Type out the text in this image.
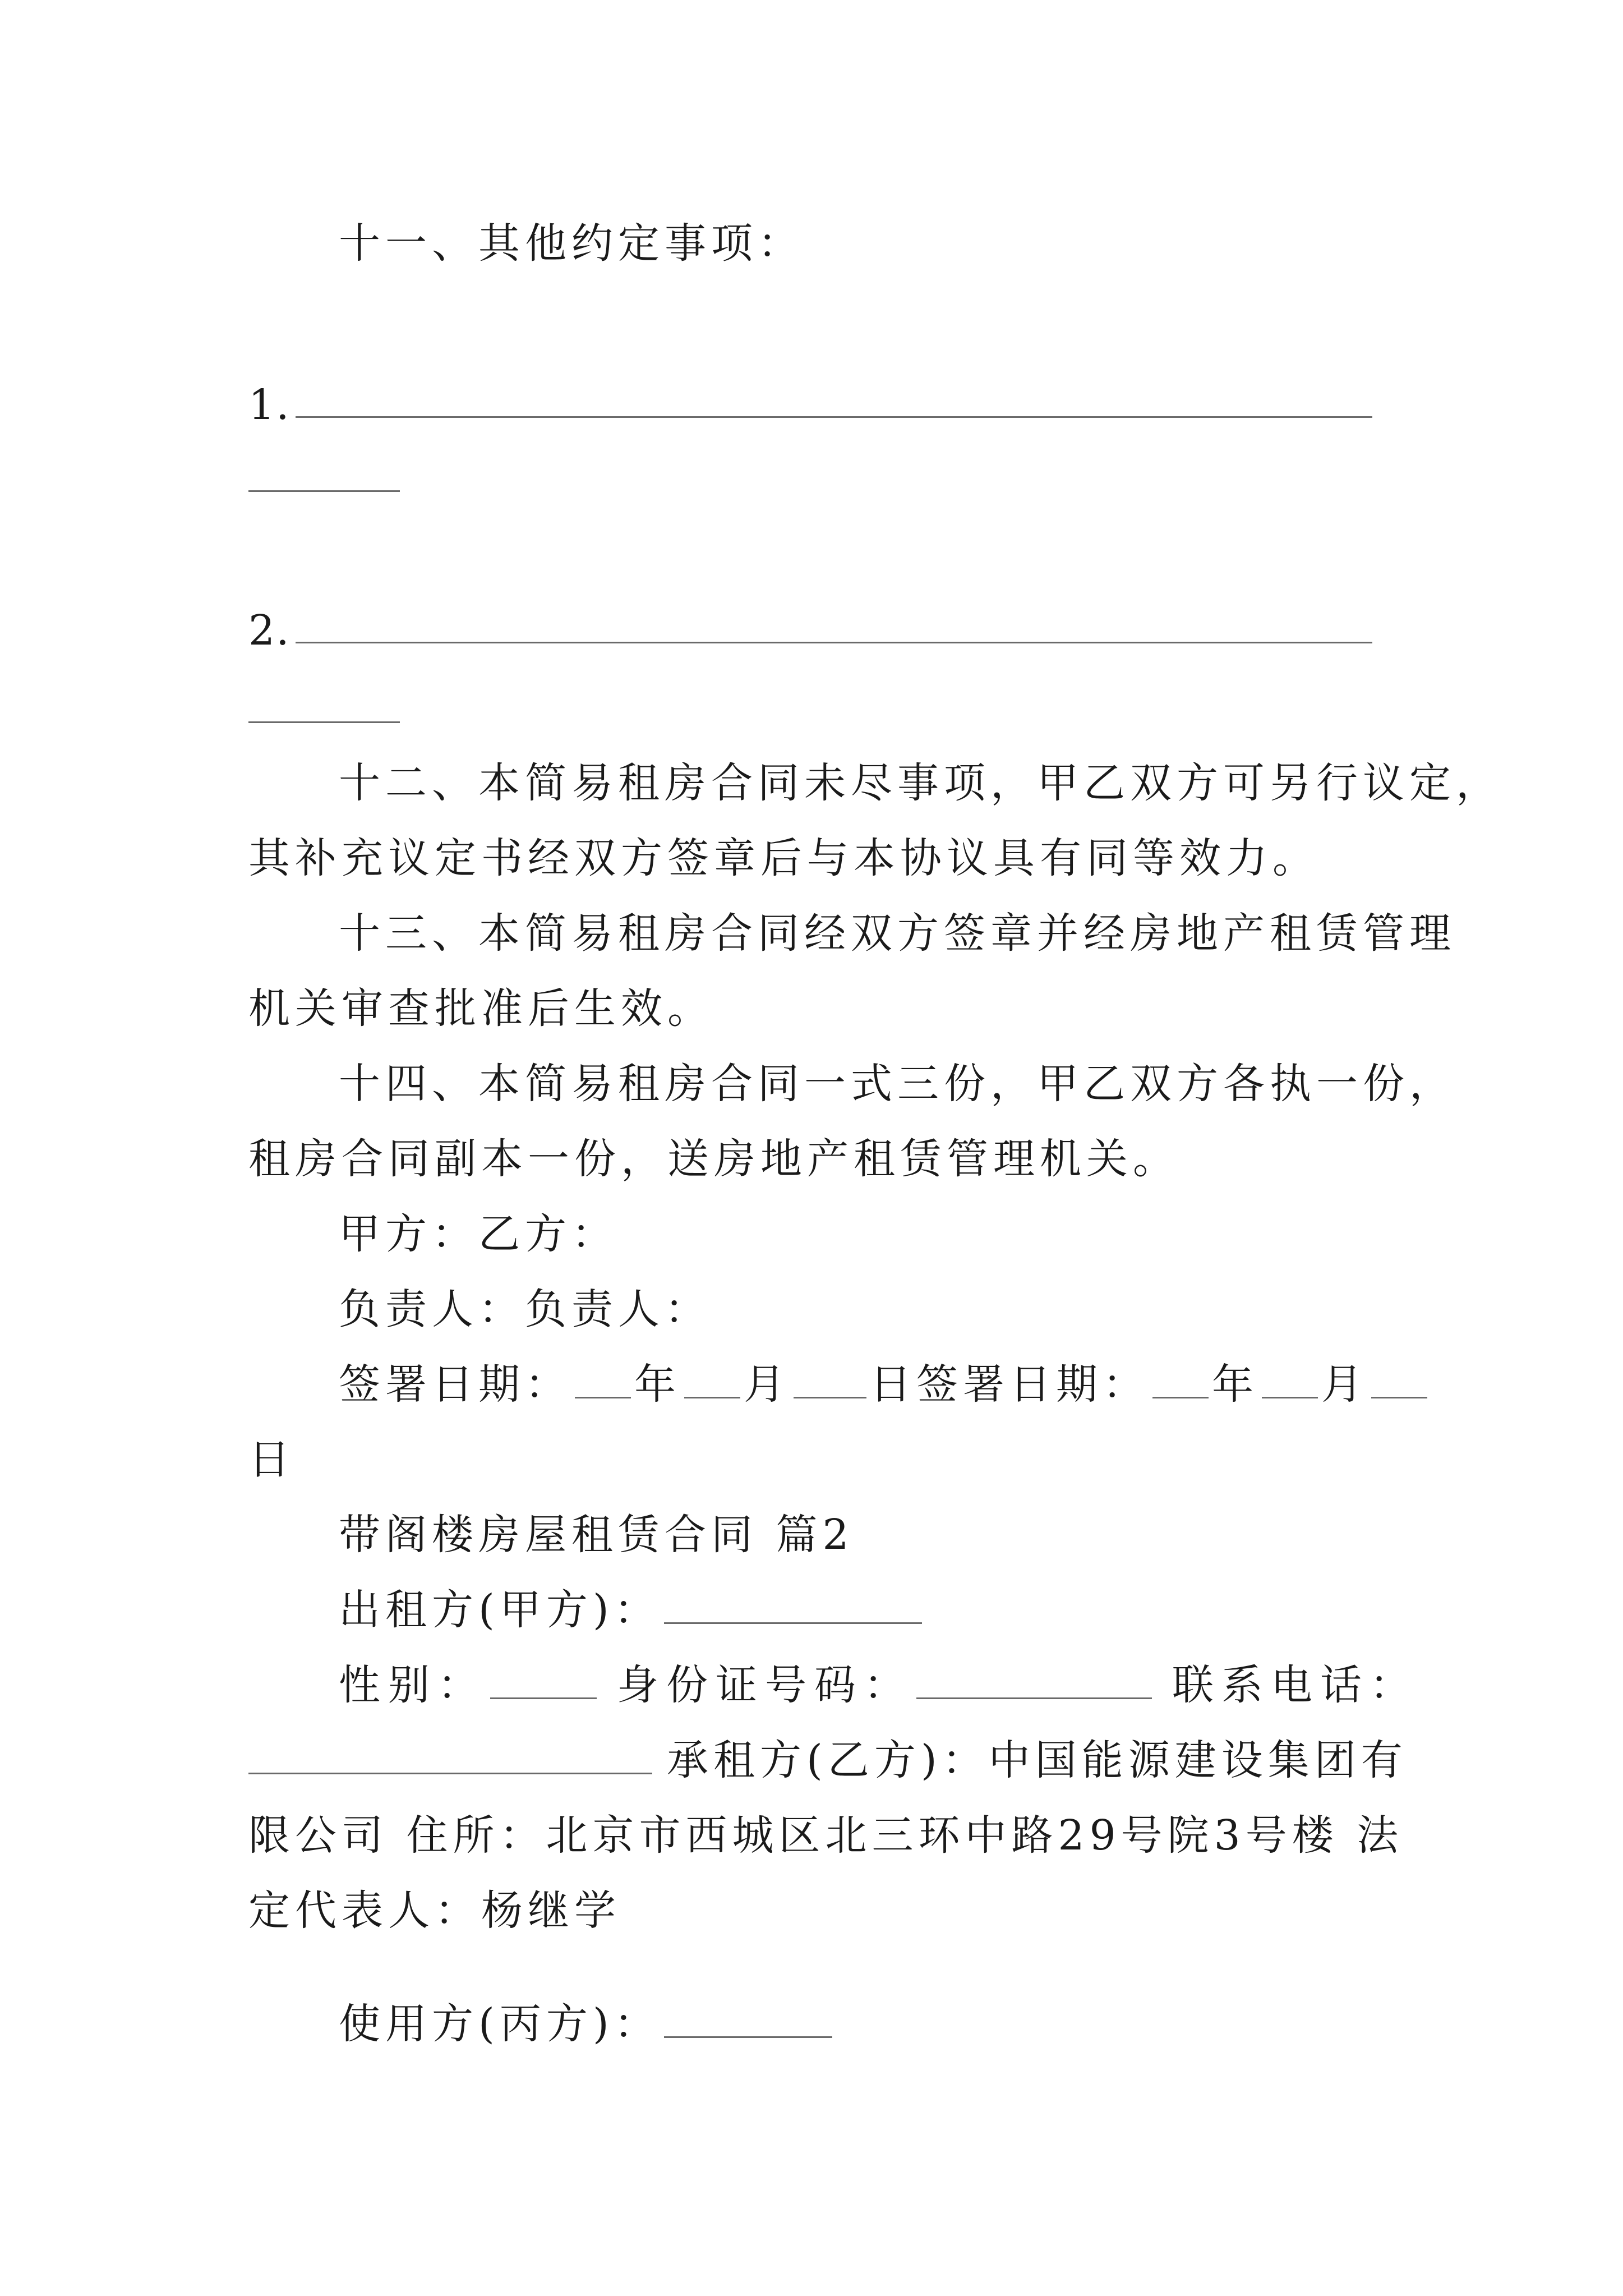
十一、其他约定事项：
1.
2.
十二、本简易租房合同未尽事项，甲乙双方可另行议定，
其补充议定书经双方签章后与本协议具有同等效力。
十三、本简易租房合同经双方签章并经房地产租赁管理
机关审查批准后生效。
十四、本简易租房合同一式三份，甲乙双方各执一份，
租房合同副本一份，送房地产租赁管理机关。
甲方：乙方：
负责人：负责人：
签署日期： 年 月 日签署日期： 年 月
日
带阁楼房屋租赁合同 篇2
出租方(甲方)：
性别：	身份证号码：	联系电话：
承租方(乙方)：中国能源建设集团有
限公司 住所：北京市西城区北三环中路29号院3号楼 法
定代表人：杨继学
使用方(丙方)：
